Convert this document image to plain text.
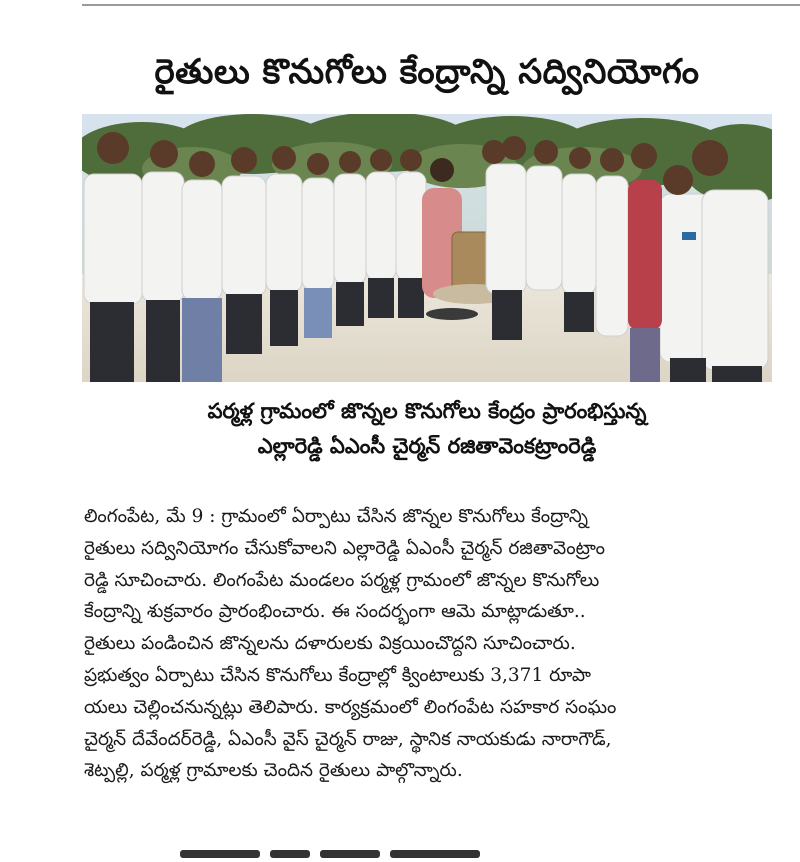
రైతులు కొనుగోలు కేంద్రాన్ని సద్వినియోగం
పర్మళ్ల గ్రామంలో జొన్నల కొనుగోలు కేంద్రం ప్రారంభిస్తున్న
ఎల్లారెడ్డి ఏఎంసీ చైర్మన్ రజితావెంకట్రాంరెడ్డి
లింగంపేట, మే 9 : గ్రామంలో ఏర్పాటు చేసిన జొన్నల కొనుగోలు కేంద్రాన్ని
రైతులు సద్వినియోగం చేసుకోవాలని ఎల్లారెడ్డి ఏఎంసీ చైర్మన్ రజితావెంట్రాం
రెడ్డి సూచించారు. లింగంపేట మండలం పర్మళ్ల గ్రామంలో జొన్నల కొనుగోలు
కేంద్రాన్ని శుక్రవారం ప్రారంభించారు. ఈ సందర్భంగా ఆమె మాట్లాడుతూ..
రైతులు పండించిన జొన్నలను దళారులకు విక్రయించొద్దని సూచించారు.
ప్రభుత్వం ఏర్పాటు చేసిన కొనుగోలు కేంద్రాల్లో క్వింటాలుకు 3,371 రూపా
యలు చెల్లించనున్నట్లు తెలిపారు. కార్యక్రమంలో లింగంపేట సహకార సంఘం
చైర్మన్ దేవేందర్‌రెడ్డి, ఏఎంసీ వైస్ చైర్మన్ రాజు, స్థానిక నాయకుడు నారాగౌడ్,
శెట్పల్లి, పర్మళ్ల గ్రామాలకు చెందిన రైతులు పాల్గొన్నారు.
